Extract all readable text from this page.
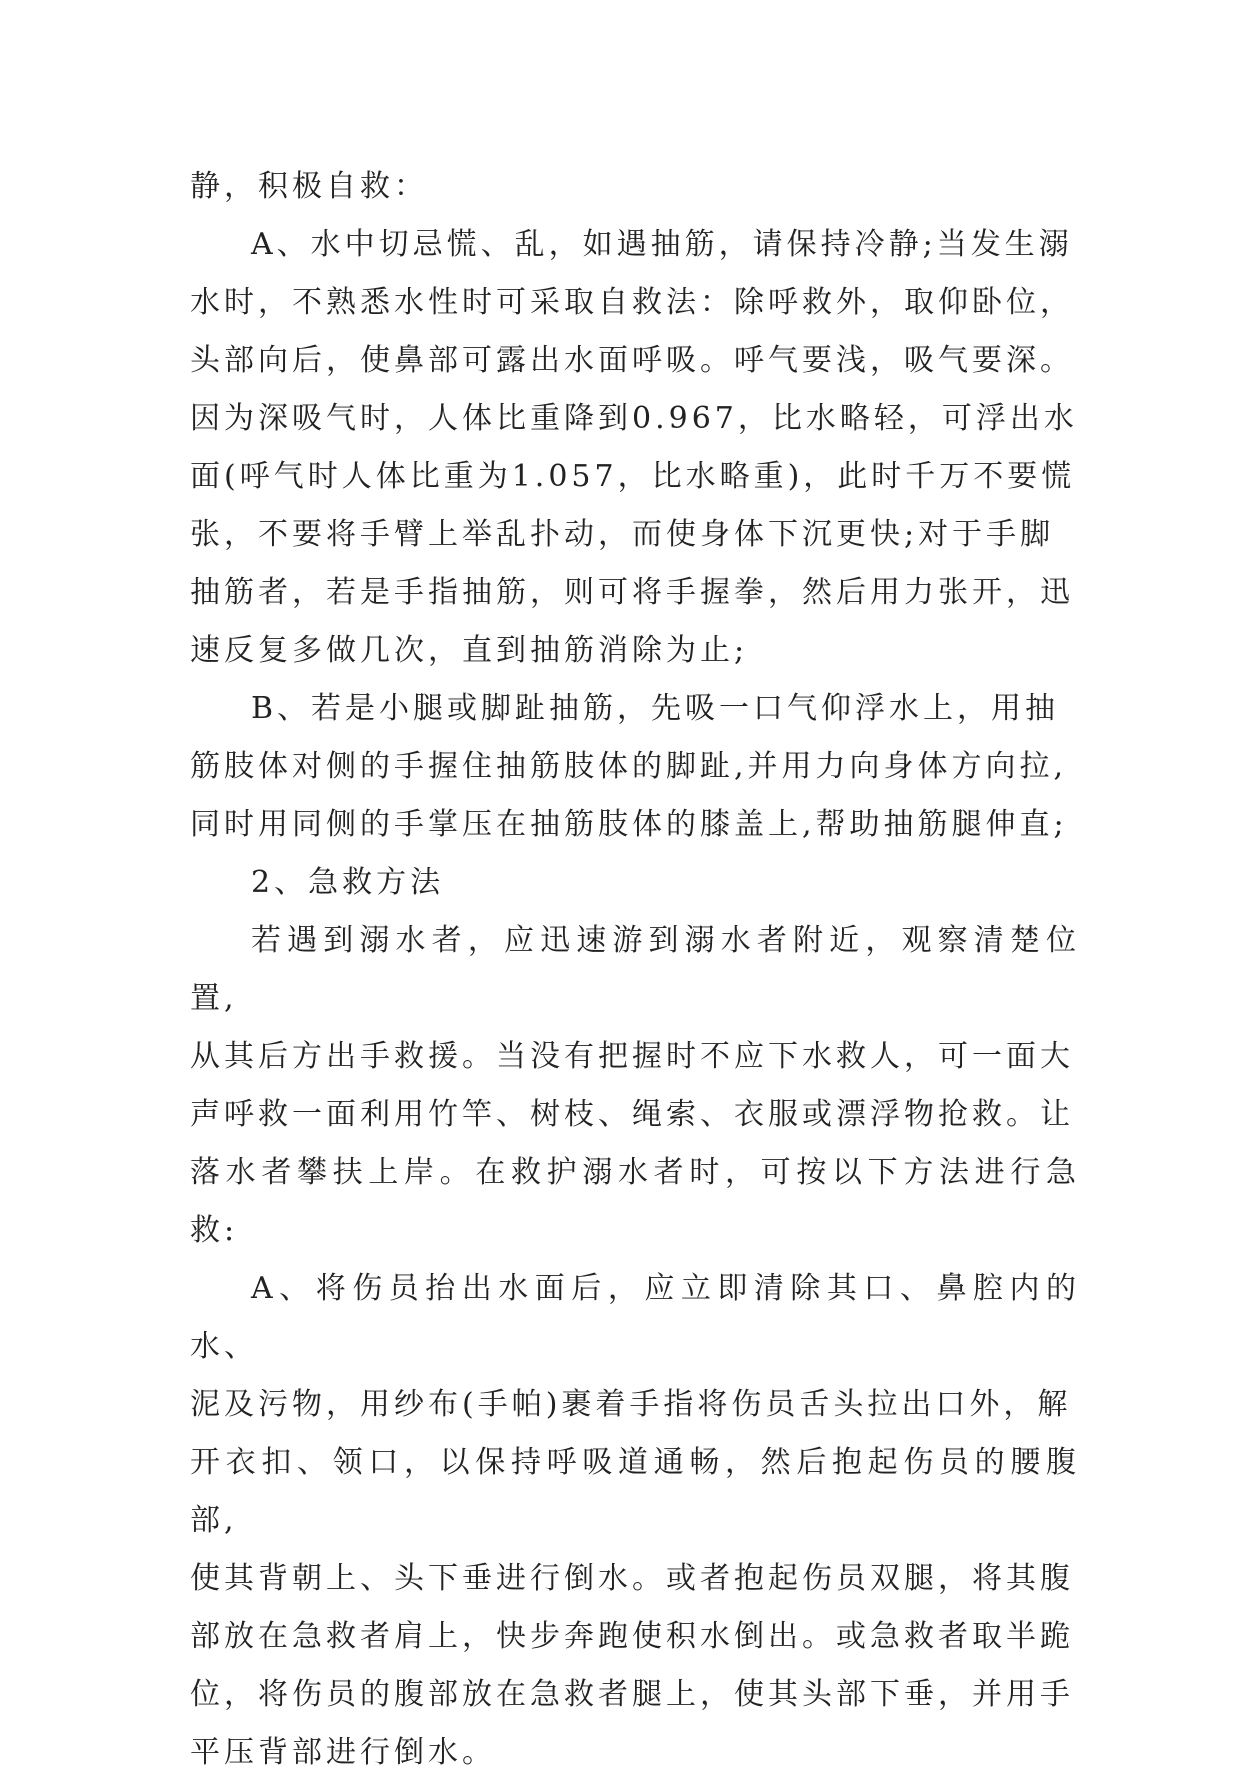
静，积极自救：
A、水中切忌慌、乱，如遇抽筋，请保持冷静;当发生溺
水时，不熟悉水性时可采取自救法：除呼救外，取仰卧位，
头部向后，使鼻部可露出水面呼吸。呼气要浅，吸气要深。
因为深吸气时，人体比重降到0.967，比水略轻，可浮出水
面(呼气时人体比重为1.057，比水略重)，此时千万不要慌
张，不要将手臂上举乱扑动，而使身体下沉更快;对于手脚
抽筋者，若是手指抽筋，则可将手握拳，然后用力张开，迅
速反复多做几次，直到抽筋消除为止;
B、若是小腿或脚趾抽筋，先吸一口气仰浮水上，用抽
筋肢体对侧的手握住抽筋肢体的脚趾,并用力向身体方向拉,
同时用同侧的手掌压在抽筋肢体的膝盖上,帮助抽筋腿伸直;
2、急救方法
若遇到溺水者，应迅速游到溺水者附近，观察清楚位置,
从其后方出手救援。当没有把握时不应下水救人，可一面大
声呼救一面利用竹竿、树枝、绳索、衣服或漂浮物抢救。让
落水者攀扶上岸。在救护溺水者时，可按以下方法进行急救:
A、将伤员抬出水面后，应立即清除其口、鼻腔内的水、
泥及污物，用纱布(手帕)裹着手指将伤员舌头拉出口外，解
开衣扣、领口，以保持呼吸道通畅，然后抱起伤员的腰腹部,
使其背朝上、头下垂进行倒水。或者抱起伤员双腿，将其腹
部放在急救者肩上，快步奔跑使积水倒出。或急救者取半跪
位，将伤员的腹部放在急救者腿上，使其头部下垂，并用手
平压背部进行倒水。
